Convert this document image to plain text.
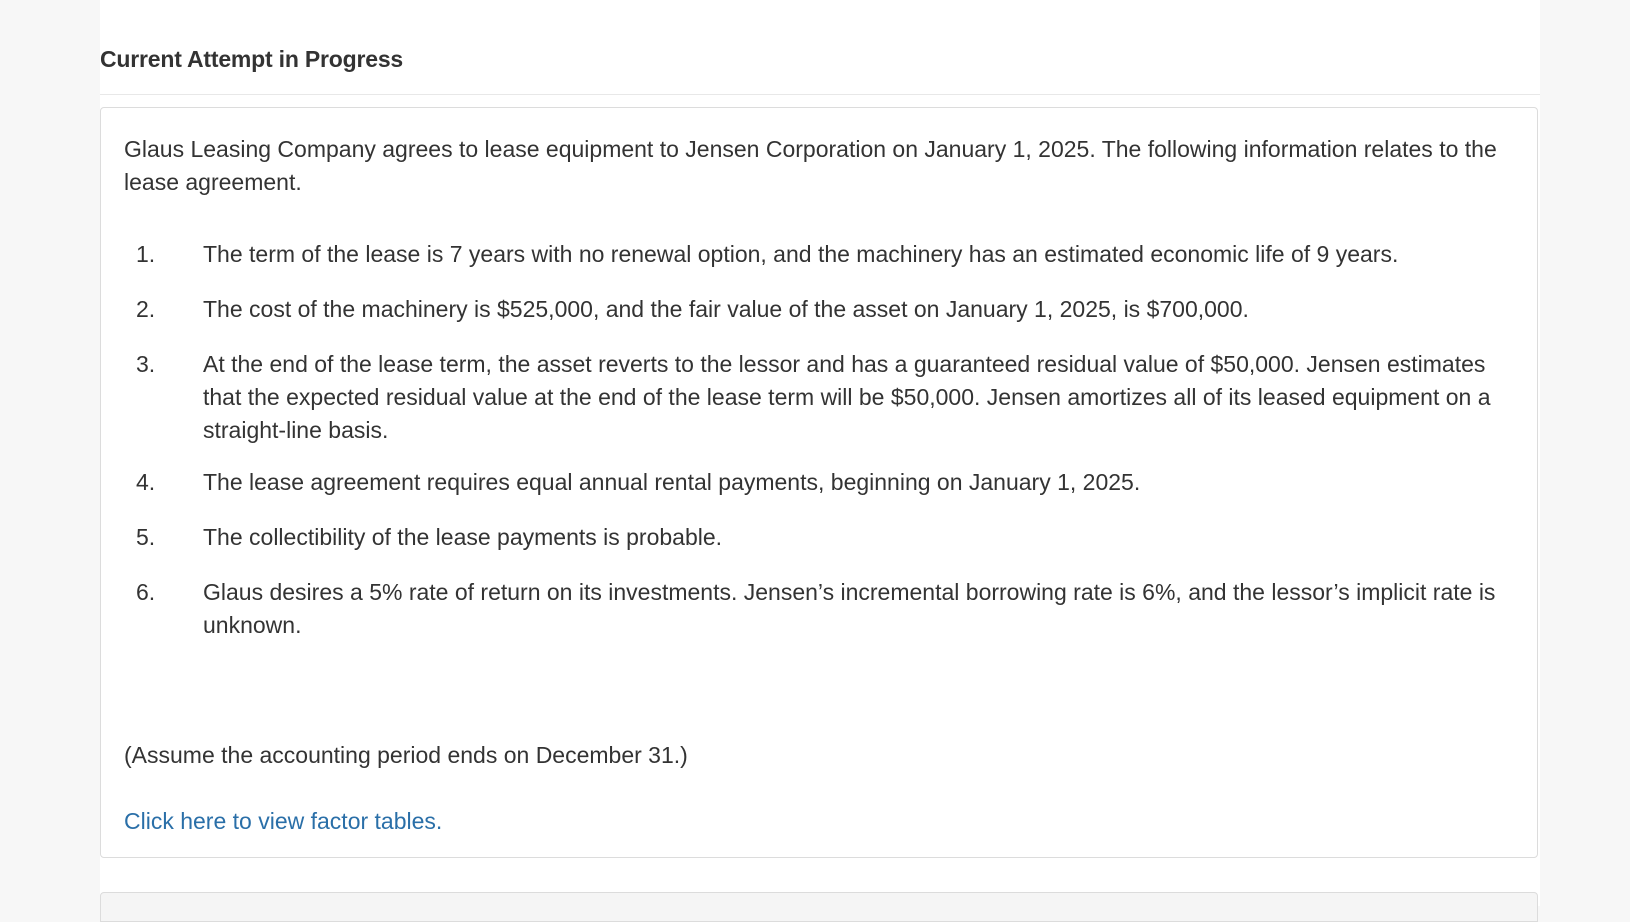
Current Attempt in Progress

Glaus Leasing Company agrees to lease equipment to Jensen Corporation on January 1, 2025. The following information relates to the lease agreement.

1. The term of the lease is 7 years with no renewal option, and the machinery has an estimated economic life of 9 years.
2. The cost of the machinery is $525,000, and the fair value of the asset on January 1, 2025, is $700,000.
3. At the end of the lease term, the asset reverts to the lessor and has a guaranteed residual value of $50,000. Jensen estimates that the expected residual value at the end of the lease term will be $50,000. Jensen amortizes all of its leased equipment on a straight-line basis.
4. The lease agreement requires equal annual rental payments, beginning on January 1, 2025.
5. The collectibility of the lease payments is probable.
6. Glaus desires a 5% rate of return on its investments. Jensen’s incremental borrowing rate is 6%, and the lessor’s implicit rate is unknown.
(Assume the accounting period ends on December 31.)
Click here to view factor tables.
